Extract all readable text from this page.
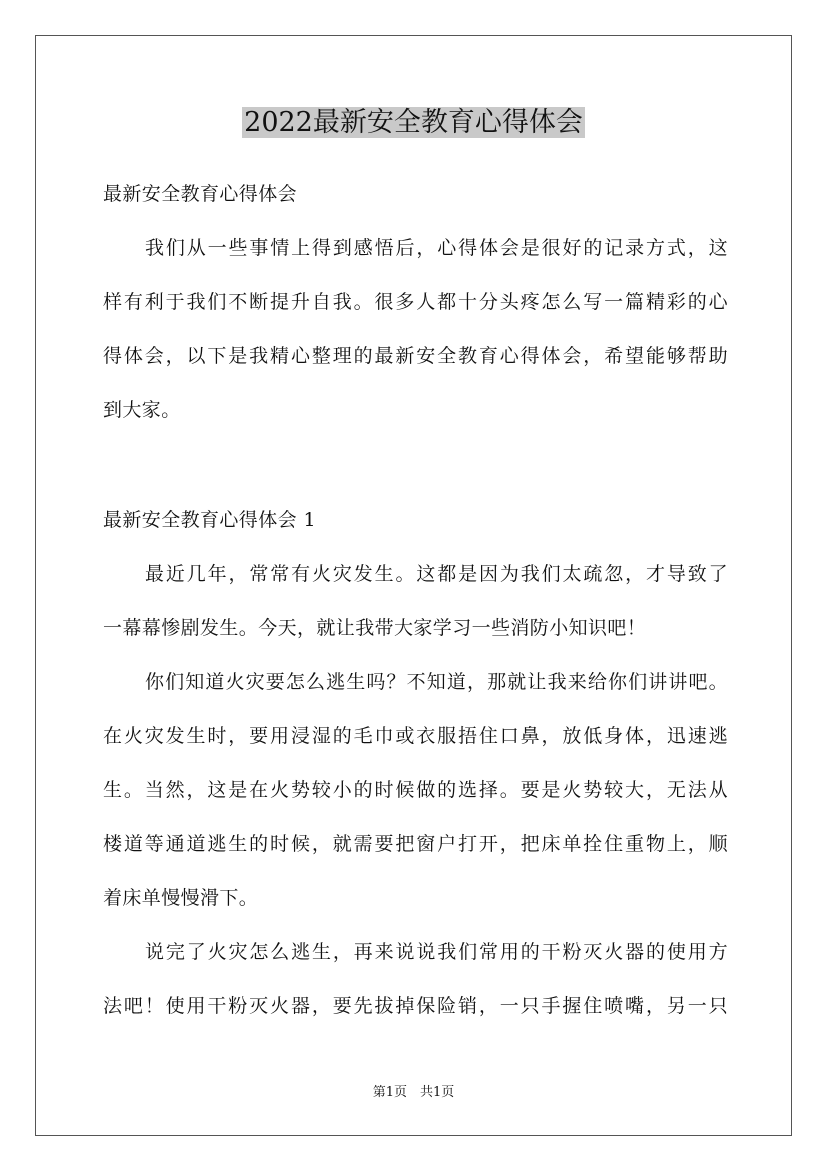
2022最新安全教育心得体会

最新安全教育心得体会

我们从一些事情上得到感悟后，心得体会是很好的记录方式，这

样有利于我们不断提升自我。很多人都十分头疼怎么写一篇精彩的心

得体会，以下是我精心整理的最新安全教育心得体会，希望能够帮助

到大家。

最新安全教育心得体会 1

最近几年，常常有火灾发生。这都是因为我们太疏忽，才导致了

一幕幕惨剧发生。今天，就让我带大家学习一些消防小知识吧！

你们知道火灾要怎么逃生吗？不知道，那就让我来给你们讲讲吧。

在火灾发生时，要用浸湿的毛巾或衣服捂住口鼻，放低身体，迅速逃

生。当然，这是在火势较小的时候做的选择。要是火势较大，无法从

楼道等通道逃生的时候，就需要把窗户打开，把床单拴住重物上，顺

着床单慢慢滑下。

说完了火灾怎么逃生，再来说说我们常用的干粉灭火器的使用方

法吧！使用干粉灭火器，要先拔掉保险销，一只手握住喷嘴，另一只

第1页　共1页
